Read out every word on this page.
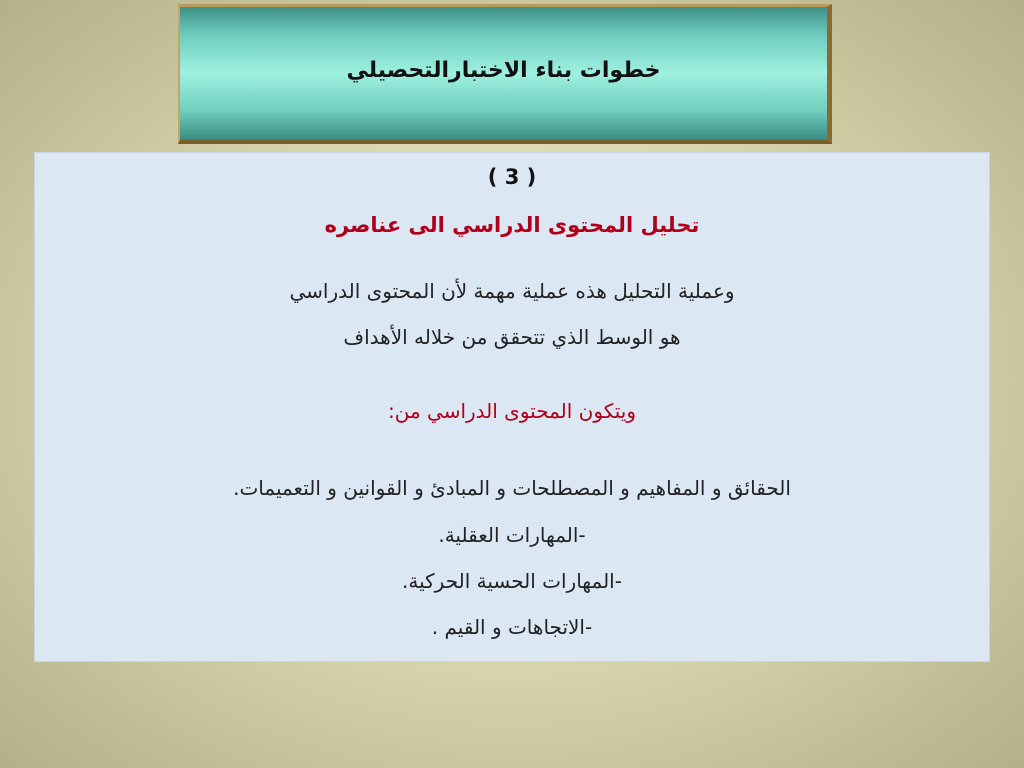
خطوات بناء الاختبارالتحصيلي
( 3 )
تحليل المحتوى الدراسي الى عناصره
وعملية التحليل هذه عملية مهمة لأن المحتوى الدراسي
هو الوسط الذي تتحقق من خلاله الأهداف
ويتكون المحتوى الدراسي من:
الحقائق و المفاهيم و المصطلحات و المبادئ و القوانين و التعميمات.
-المهارات العقلية.
-المهارات الحسية الحركية.
-الاتجاهات و القيم .
